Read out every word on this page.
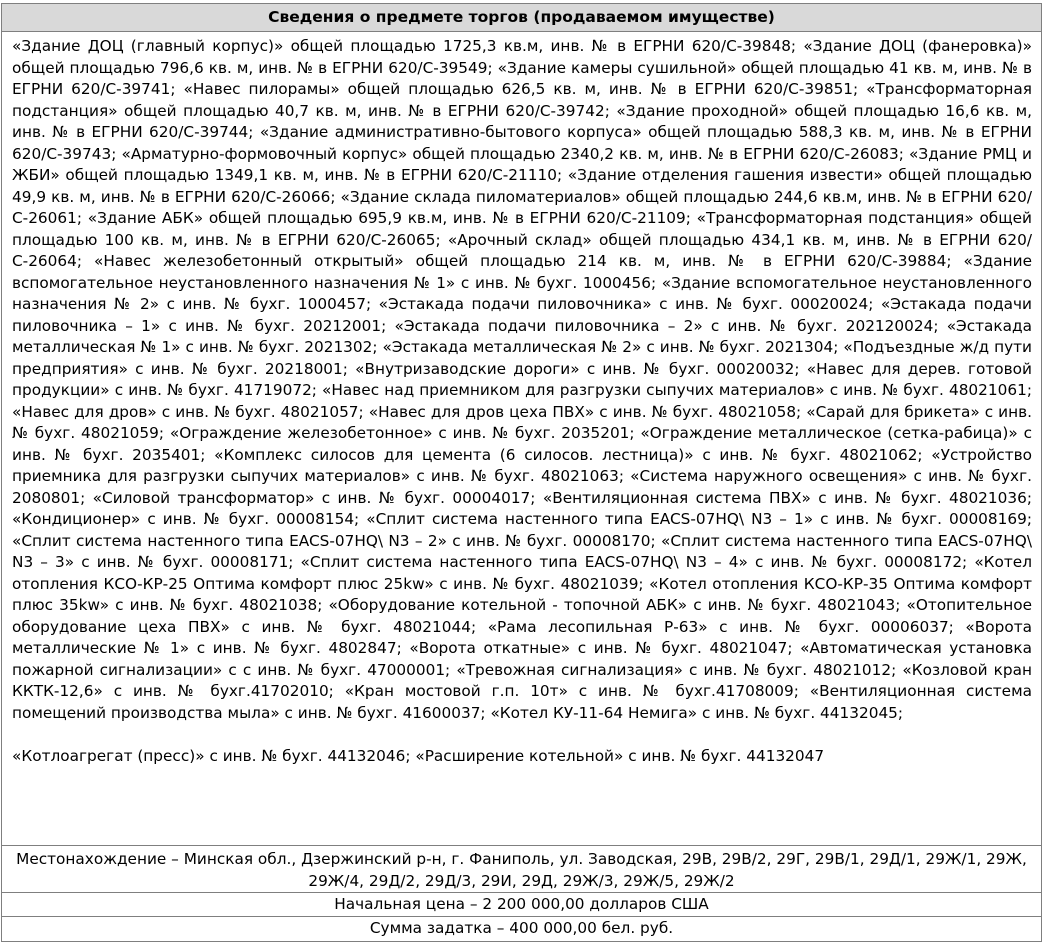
Сведения о предмете торгов (продаваемом имуществе)

«Здание ДОЦ (главный корпус)» общей площадью 1725,3 кв.м, инв. № в ЕГРНИ 620/С-39848; «Здание ДОЦ (фанеровка)» общей площадью 796,6 кв. м, инв. № в ЕГРНИ 620/С-39549; «Здание камеры сушильной» общей площадью 41 кв. м, инв. № в ЕГРНИ 620/С-39741; «Навес пилорамы» общей площадью 626,5 кв. м, инв. № в ЕГРНИ 620/С-39851; «Трансформаторная подстанция» общей площадью 40,7 кв. м, инв. № в ЕГРНИ 620/С-39742; «Здание проходной» общей площадью 16,6 кв. м, инв. № в ЕГРНИ 620/С-39744; «Здание административно-бытового корпуса» общей площадью 588,3 кв. м, инв. № в ЕГРНИ 620/С-39743; «Арматурно-формовочный корпус» общей площадью 2340,2 кв. м, инв. № в ЕГРНИ 620/С-26083; «Здание РМЦ и ЖБИ» общей площадью 1349,1 кв. м, инв. № в ЕГРНИ 620/С-21110; «Здание отделения гашения извести» общей площадью 49,9 кв. м, инв. № в ЕГРНИ 620/С-26066; «Здание склада пиломатериалов» общей площадью 244,6 кв.м, инв. № в ЕГРНИ 620/С-26061; «Здание АБК» общей площадью 695,9 кв.м, инв. № в ЕГРНИ 620/С-21109; «Трансформаторная подстанция» общей площадью 100 кв. м, инв. № в ЕГРНИ 620/С-26065; «Арочный склад» общей площадью 434,1 кв. м, инв. № в ЕГРНИ 620/С-26064; «Навес железобетонный открытый» общей площадью 214 кв. м, инв. № в ЕГРНИ 620/С-39884; «Здание вспомогательное неустановленного назначения № 1» с инв. № бухг. 1000456; «Здание вспомогательное неустановленного назначения № 2» с инв. № бухг. 1000457; «Эстакада подачи пиловочника» с инв. № бухг. 00020024; «Эстакада подачи пиловочника – 1» с инв. № бухг. 20212001; «Эстакада подачи пиловочника – 2» с инв. № бухг. 202120024; «Эстакада металлическая № 1» с инв. № бухг. 2021302; «Эстакада металлическая № 2» с инв. № бухг. 2021304; «Подъездные ж/д пути предприятия» с инв. № бухг. 20218001; «Внутризаводские дороги» с инв. № бухг. 00020032; «Навес для дерев. готовой продукции» с инв. № бухг. 41719072; «Навес над приемником для разгрузки сыпучих материалов» с инв. № бухг. 48021061; «Навес для дров» с инв. № бухг. 48021057; «Навес для дров цеха ПВХ» с инв. № бухг. 48021058; «Сарай для брикета» с инв. № бухг. 48021059; «Ограждение железобетонное» с инв. № бухг. 2035201; «Ограждение металлическое (сетка-рабица)» с инв. № бухг. 2035401; «Комплекс силосов для цемента (6 силосов. лестница)» с инв. № бухг. 48021062; «Устройство приемника для разгрузки сыпучих материалов» с инв. № бухг. 48021063; «Система наружного освещения» с инв. № бухг. 2080801; «Силовой трансформатор» с инв. № бухг. 00004017; «Вентиляционная система ПВХ» с инв. № бухг. 48021036; «Кондиционер» с инв. № бухг. 00008154; «Сплит система настенного типа EACS-07HQ\ N3 – 1» с инв. № бухг. 00008169; «Сплит система настенного типа EACS-07HQ\ N3 – 2» с инв. № бухг. 00008170; «Сплит система настенного типа EACS-07HQ\ N3 – 3» с инв. № бухг. 00008171; «Сплит система настенного типа EACS-07HQ\ N3 – 4» с инв. № бухг. 00008172; «Котел отопления КСО-КР-25 Оптима комфорт плюс 25kw» с инв. № бухг. 48021039; «Котел отопления КСО-КР-35 Оптима комфорт плюс 35kw» с инв. № бухг. 48021038; «Оборудование котельной - топочной АБК» с инв. № бухг. 48021043; «Отопительное оборудование цеха ПВХ» с инв. № бухг. 48021044; «Рама лесопильная Р-63» с инв. № бухг. 00006037; «Ворота металлические № 1» с инв. № бухг. 4802847; «Ворота откатные» с инв. № бухг. 48021047; «Автоматическая установка пожарной сигнализации» с с инв. № бухг. 47000001; «Тревожная сигнализация» с инв. № бухг. 48021012; «Козловой кран ККТК-12,6» с инв. № бухг.41702010; «Кран мостовой г.п. 10т» с инв. № бухг.41708009; «Вентиляционная система помещений производства мыла» с инв. № бухг. 41600037; «Котел КУ-11-64 Немига» с инв. № бухг. 44132045;

«Котлоагрегат (пресс)» с инв. № бухг. 44132046; «Расширение котельной» с инв. № бухг. 44132047

Местонахождение – Минская обл., Дзержинский р-н, г. Фаниполь, ул. Заводская, 29В, 29В/2, 29Г, 29В/1, 29Д/1, 29Ж/1, 29Ж, 29Ж/4, 29Д/2, 29Д/3, 29И, 29Д, 29Ж/3, 29Ж/5, 29Ж/2
Начальная цена – 2 200 000,00 долларов США
Сумма задатка – 400 000,00 бел. руб.
